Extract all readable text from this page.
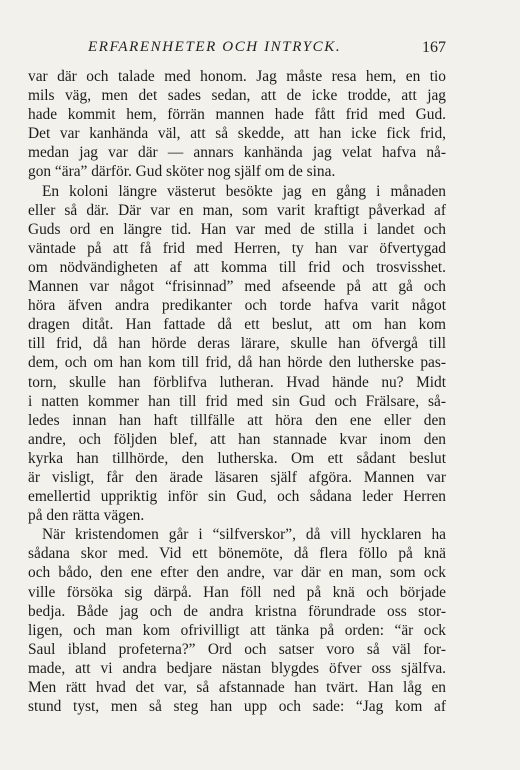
ERFARENHETER OCH INTRYCK.	167
var där och talade med honom. Jag måste resa hem, en tio
mils väg, men det sades sedan, att de icke trodde, att jag
hade kommit hem, förrän mannen hade fått frid med Gud.
Det var kanhända väl, att så skedde, att han icke fick frid,
medan jag var där — annars kanhända jag velat hafva nå-
gon “ära” därför. Gud sköter nog själf om de sina.
En koloni längre västerut besökte jag en gång i månaden
eller så där. Där var en man, som varit kraftigt påverkad af
Guds ord en längre tid. Han var med de stilla i landet och
väntade på att få frid med Herren, ty han var öfvertygad
om nödvändigheten af att komma till frid och trosvisshet.
Mannen var något “frisinnad” med afseende på att gå och
höra äfven andra predikanter och torde hafva varit något
dragen ditåt. Han fattade då ett beslut, att om han kom
till frid, då han hörde deras lärare, skulle han öfvergå till
dem, och om han kom till frid, då han hörde den lutherske pas-
torn, skulle han förblifva lutheran. Hvad hände nu? Midt
i natten kommer han till frid med sin Gud och Frälsare, så-
ledes innan han haft tillfälle att höra den ene eller den
andre, och följden blef, att han stannade kvar inom den
kyrka han tillhörde, den lutherska. Om ett sådant beslut
är visligt, får den ärade läsaren själf afgöra. Mannen var
emellertid uppriktig inför sin Gud, och sådana leder Herren
på den rätta vägen.
När kristendomen går i “silfverskor”, då vill hycklaren ha
sådana skor med. Vid ett bönemöte, då flera föllo på knä
och bådo, den ene efter den andre, var där en man, som ock
ville försöka sig därpå. Han föll ned på knä och började
bedja. Både jag och de andra kristna förundrade oss stor-
ligen, och man kom ofrivilligt att tänka på orden: “är ock
Saul ibland profeterna?” Ord och satser voro så väl for-
made, att vi andra bedjare nästan blygdes öfver oss själfva.
Men rätt hvad det var, så afstannade han tvärt. Han låg en
stund tyst, men så steg han upp och sade: “Jag kom af
